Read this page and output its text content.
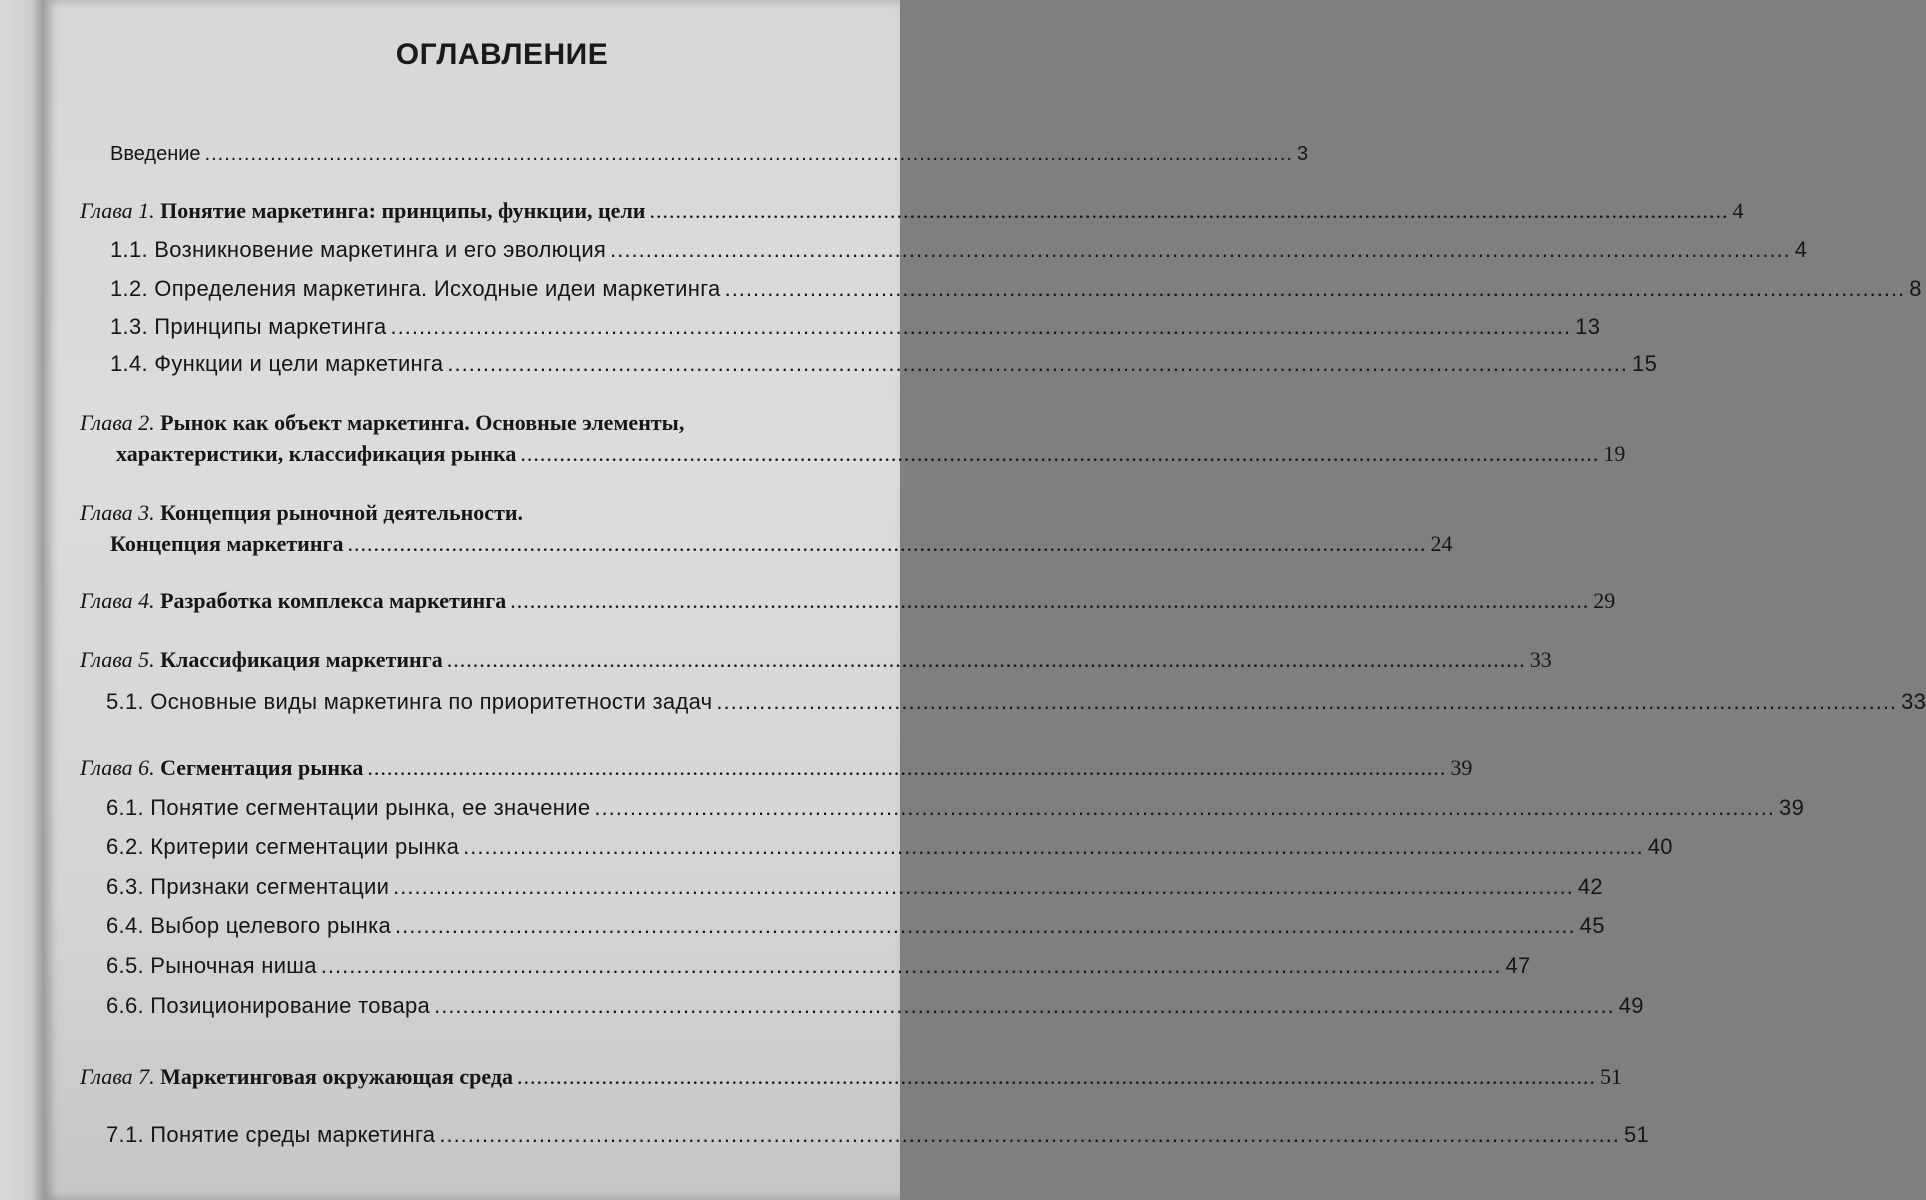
ОГЛАВЛЕНИЕ
Введение ...................................................................................................................................................................... 3
Глава 1. Понятие маркетинга: принципы, функции, цели ...................................................................................................................................................................... 4
1.1. Возникновение маркетинга и его эволюция ...................................................................................................................................................................... 4
1.2. Определения маркетинга. Исходные идеи маркетинга ...................................................................................................................................................................... 8
1.3. Принципы маркетинга ...................................................................................................................................................................... 13
1.4. Функции и цели маркетинга ...................................................................................................................................................................... 15
Глава 2. Рынок как объект маркетинга. Основные элементы,
характеристики, классификация рынка ...................................................................................................................................................................... 19
Глава 3. Концепция рыночной деятельности.
Концепция маркетинга ...................................................................................................................................................................... 24
Глава 4. Разработка комплекса маркетинга ...................................................................................................................................................................... 29
Глава 5. Классификация маркетинга ...................................................................................................................................................................... 33
5.1. Основные виды маркетинга по приоритетности задач ...................................................................................................................................................................... 33
Глава 6. Сегментация рынка ...................................................................................................................................................................... 39
6.1. Понятие сегментации рынка, ее значение ...................................................................................................................................................................... 39
6.2. Критерии сегментации рынка ...................................................................................................................................................................... 40
6.3. Признаки сегментации ...................................................................................................................................................................... 42
6.4. Выбор целевого рынка ...................................................................................................................................................................... 45
6.5. Рыночная ниша ...................................................................................................................................................................... 47
6.6. Позиционирование товара ...................................................................................................................................................................... 49
Глава 7. Маркетинговая окружающая среда ...................................................................................................................................................................... 51
7.1. Понятие среды маркетинга ...................................................................................................................................................................... 51
